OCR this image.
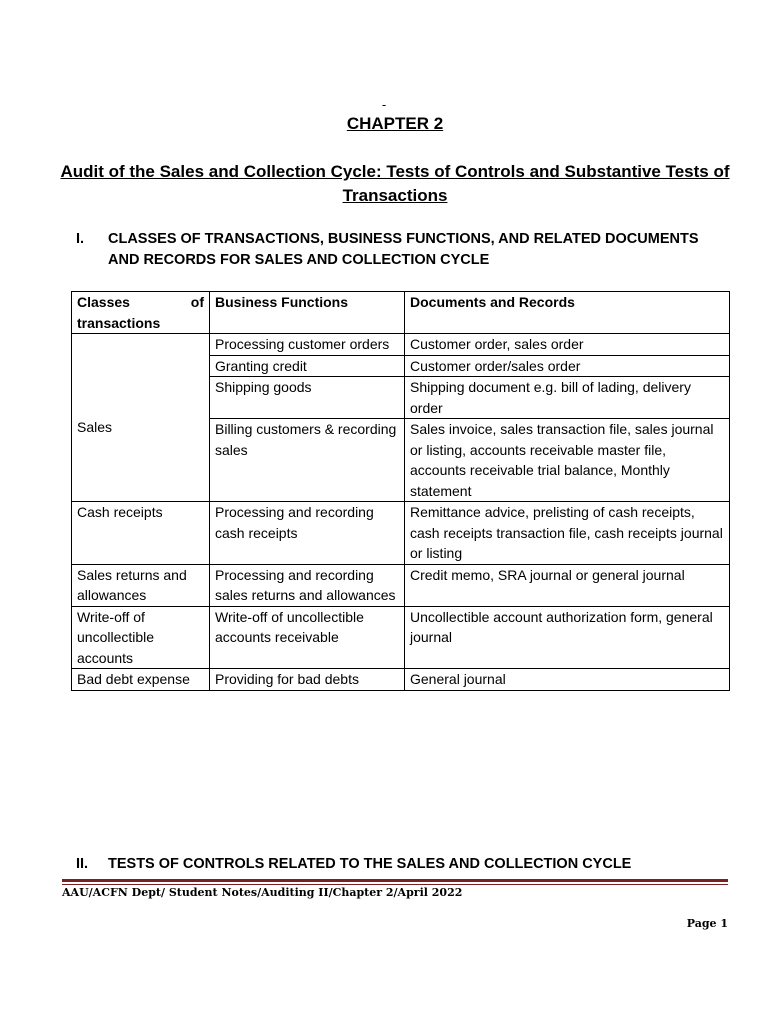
-
CHAPTER 2
Audit of the Sales and Collection Cycle: Tests of Controls and Substantive Tests of Transactions
I. CLASSES OF TRANSACTIONS, BUSINESS FUNCTIONS, AND RELATED DOCUMENTS AND RECORDS FOR SALES AND COLLECTION CYCLE
Classes of
transactions	Business Functions	Documents and Records
Sales	Processing customer orders	Customer order, sales order
	Granting credit	Customer order/sales order
	Shipping goods	Shipping document e.g. bill of lading, delivery order
	Billing customers & recording sales	Sales invoice, sales transaction file, sales journal or listing, accounts receivable master file, accounts receivable trial balance, Monthly statement
Cash receipts	Processing and recording cash receipts	Remittance advice, prelisting of cash receipts, cash receipts transaction file, cash receipts journal or listing
Sales returns and allowances	Processing and recording sales returns and allowances	Credit memo, SRA journal or general journal
Write-off of uncollectible accounts	Write-off of uncollectible accounts receivable	Uncollectible account authorization form, general journal
Bad debt expense	Providing for bad debts	General journal
II. TESTS OF CONTROLS RELATED TO THE SALES AND COLLECTION CYCLE
AAU/ACFN Dept/ Student Notes/Auditing II/Chapter 2/April 2022
Page 1
